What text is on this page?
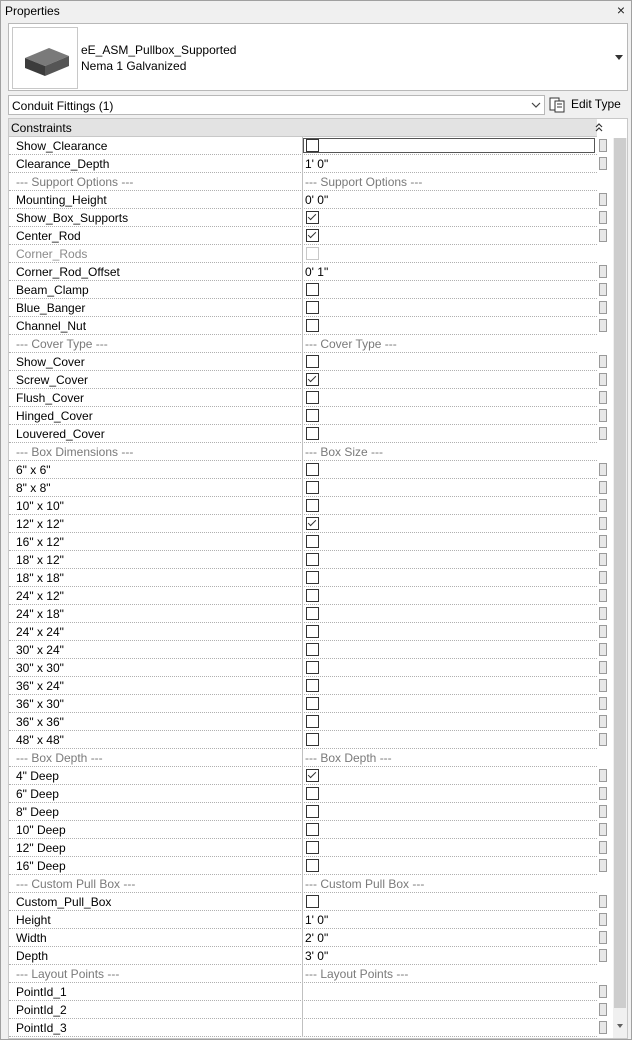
Properties	×
eE_ASM_Pullbox_Supported
Nema 1 Galvanized
Conduit Fittings (1)	Edit Type
Constraints
Show_Clearance
Clearance_Depth	1' 0"
--- Support Options ---	--- Support Options ---
Mounting_Height	0' 0"
Show_Box_Supports
Center_Rod
Corner_Rods
Corner_Rod_Offset	0' 1"
Beam_Clamp
Blue_Banger
Channel_Nut
--- Cover Type ---	--- Cover Type ---
Show_Cover
Screw_Cover
Flush_Cover
Hinged_Cover
Louvered_Cover
--- Box Dimensions ---	--- Box Size ---
6" x 6"
8" x 8"
10" x 10"
12" x 12"
16" x 12"
18" x 12"
18" x 18"
24" x 12"
24" x 18"
24" x 24"
30" x 24"
30" x 30"
36" x 24"
36" x 30"
36" x 36"
48" x 48"
--- Box Depth ---	--- Box Depth ---
4" Deep
6" Deep
8" Deep
10" Deep
12" Deep
16" Deep
--- Custom Pull Box ---	--- Custom Pull Box ---
Custom_Pull_Box
Height	1' 0"
Width	2' 0"
Depth	3' 0"
--- Layout Points ---	--- Layout Points ---
PointId_1
PointId_2
PointId_3
